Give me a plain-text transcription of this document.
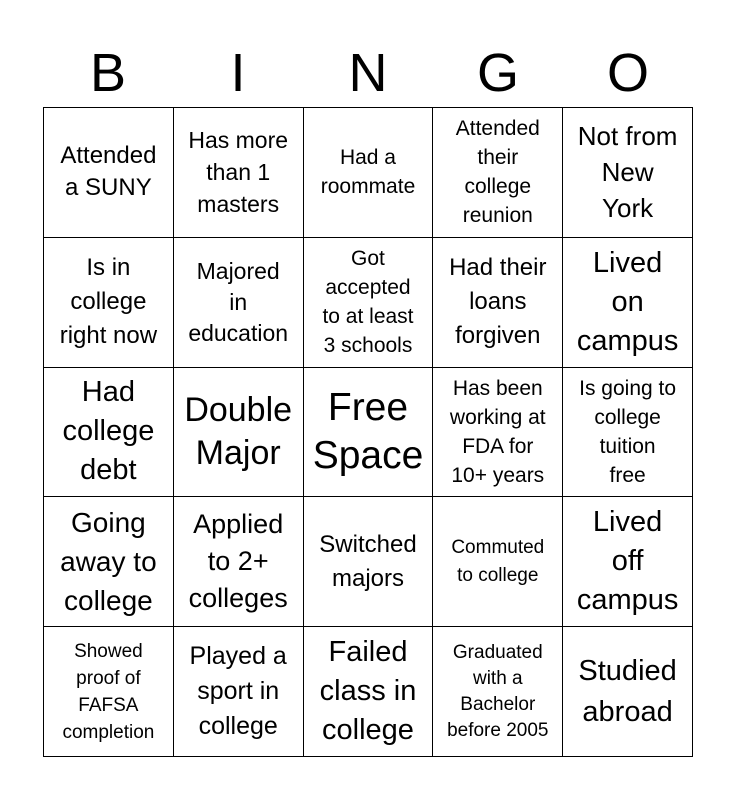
B	I	N	G	O
Attended
a SUNY
Has more
than 1
masters
Had a
roommate
Attended
their
college
reunion
Not from
New
York
Is in
college
right now
Majored
in
education
Got
accepted
to at least
3 schools
Had their
loans
forgiven
Lived
on
campus
Had
college
debt
Double
Major
Free
Space
Has been
working at
FDA for
10+ years
Is going to
college
tuition
free
Going
away to
college
Applied
to 2+
colleges
Switched
majors
Commuted
to college
Lived
off
campus
Showed
proof of
FAFSA
completion
Played a
sport in
college
Failed
class in
college
Graduated
with a
Bachelor
before 2005
Studied
abroad
